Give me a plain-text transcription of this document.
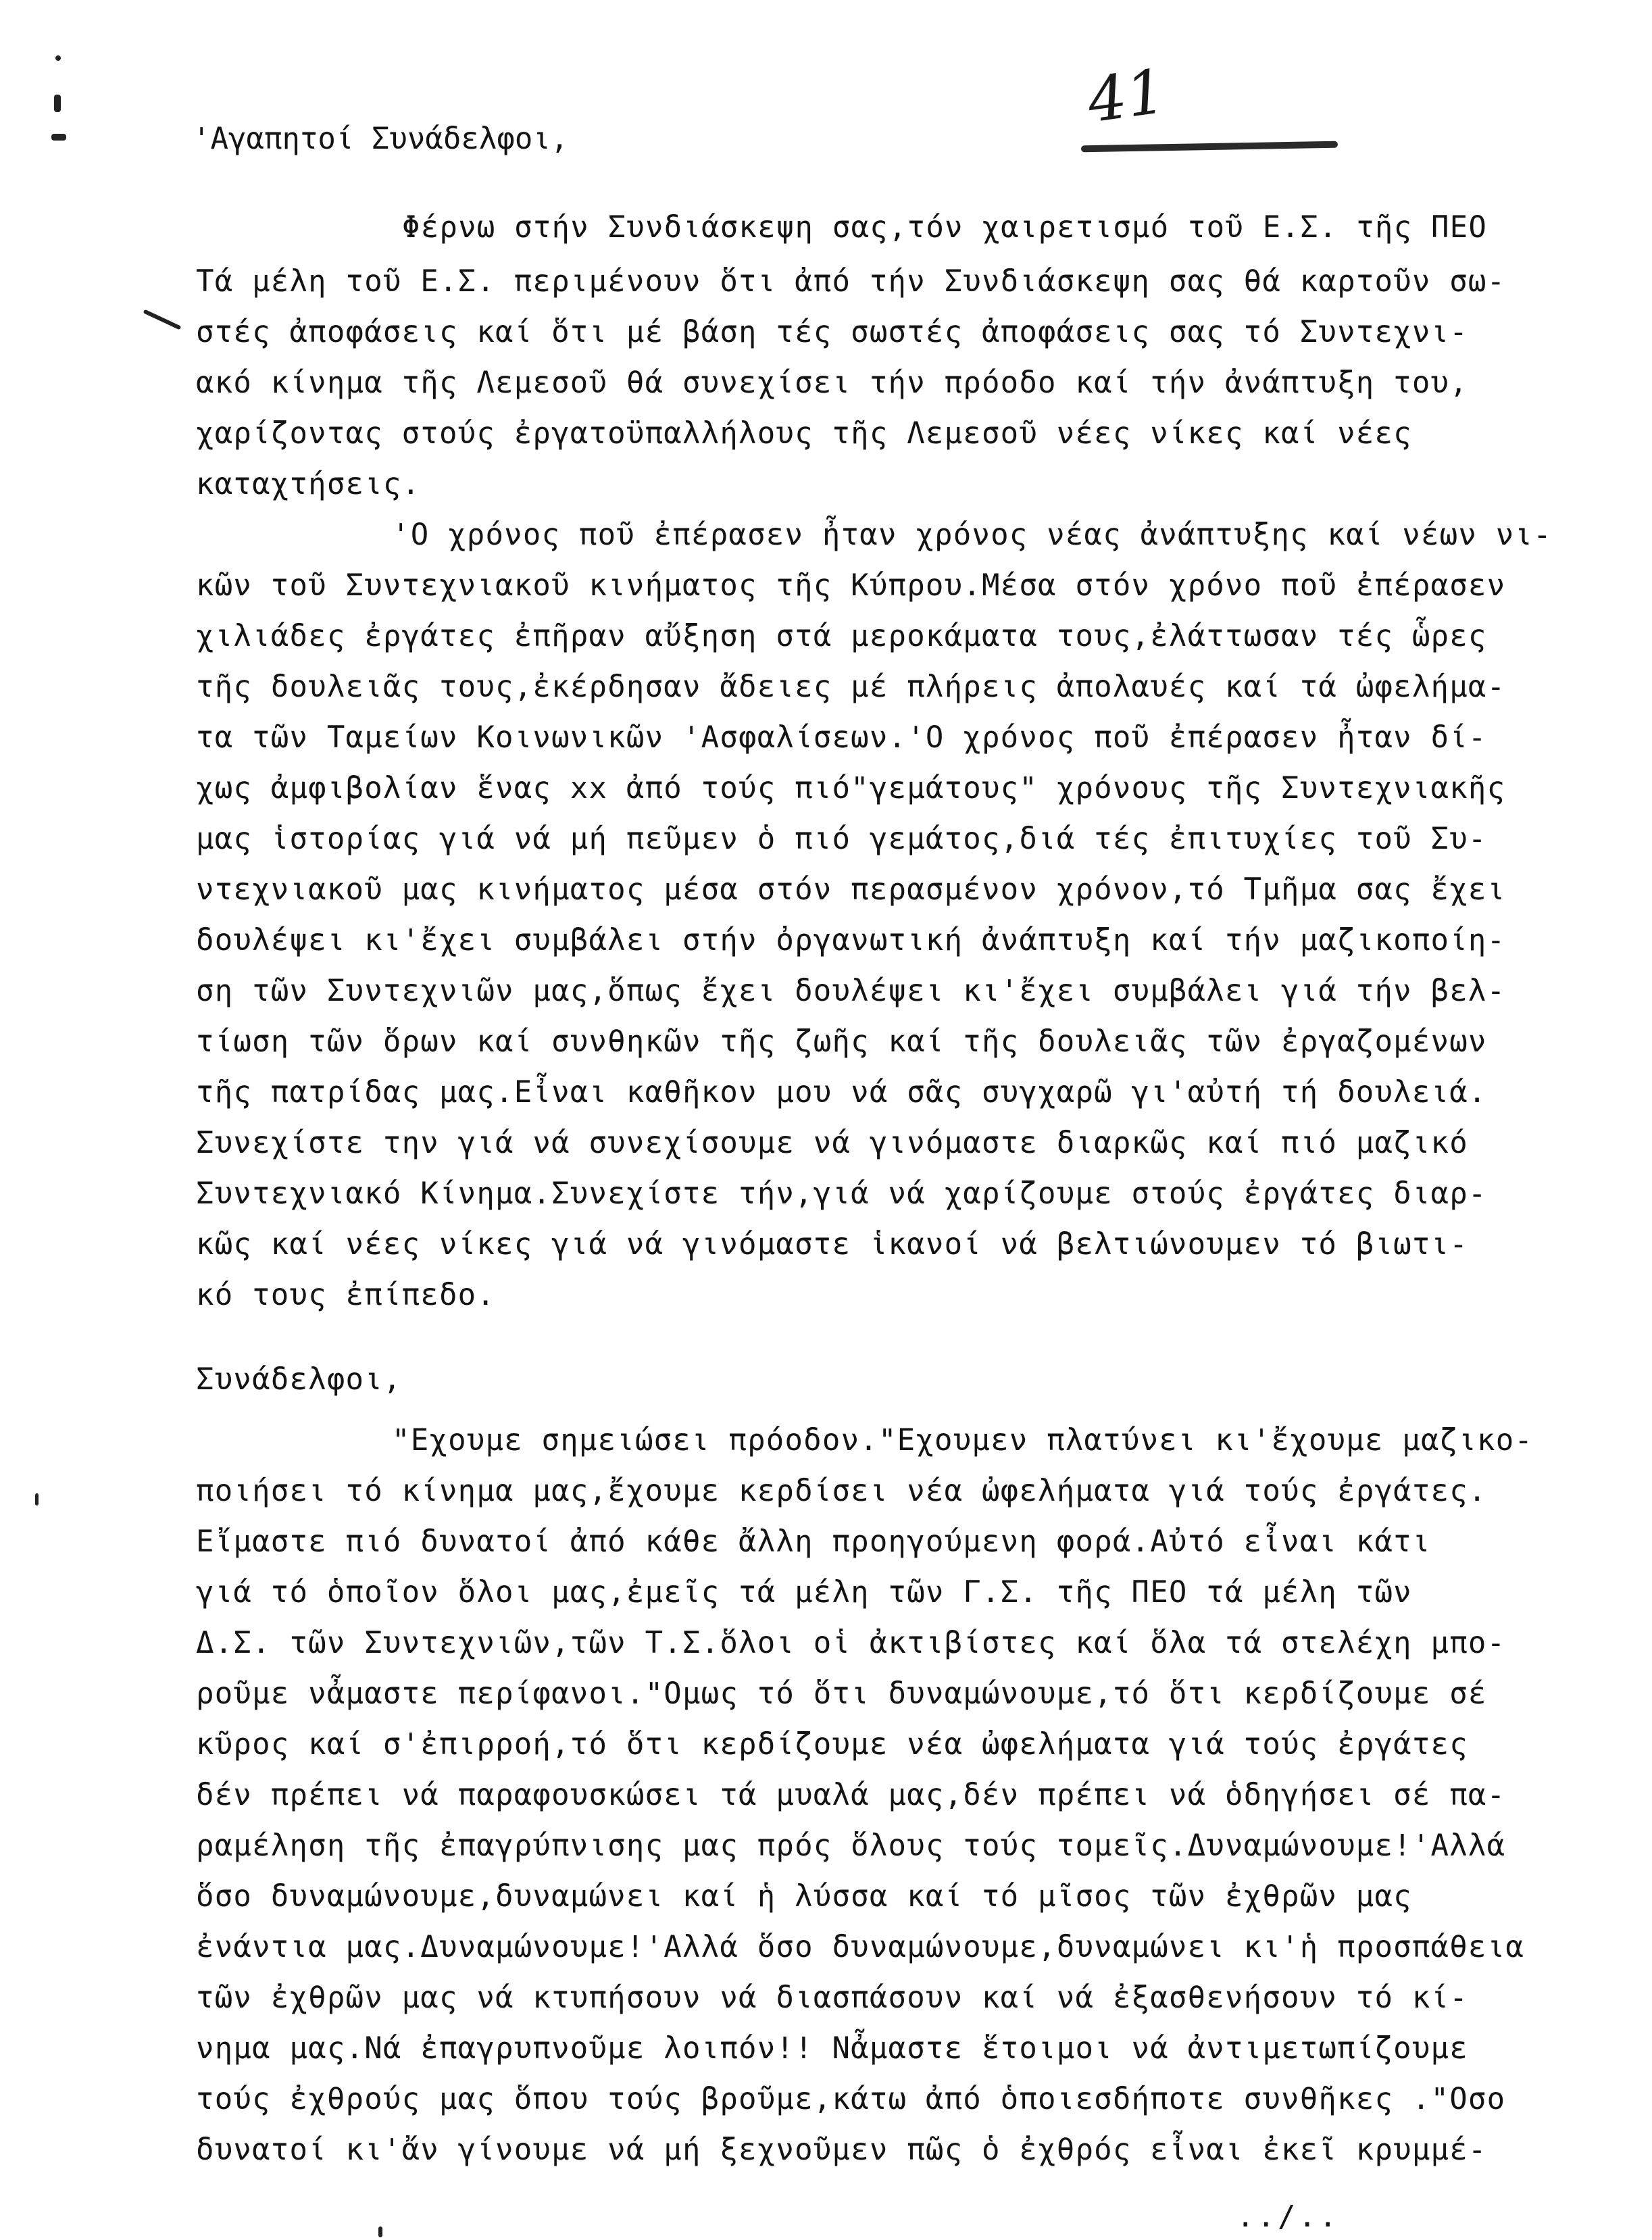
41
'Αγαπητοί Συνάδελφοι,
Φέρνω στήν Συνδιάσκεψη σας,τόν χαιρετισμό τοῦ Ε.Σ. τῆς ΠΕΟ
Τά μέλη τοῦ Ε.Σ. περιμένουν ὅτι ἀπό τήν Συνδιάσκεψη σας θά καρτοῦν σω-
στές ἀποφάσεις καί ὅτι μέ βάση τές σωστές ἀποφάσεις σας τό Συντεχνι-
ακό κίνημα τῆς Λεμεσοῦ θά συνεχίσει τήν πρόοδο καί τήν ἀνάπτυξη του,
χαρίζοντας στούς ἐργατοϋπαλλήλους τῆς Λεμεσοῦ νέες νίκες καί νέες
καταχτήσεις.
'Ο χρόνος ποῦ ἐπέρασεν ἦταν χρόνος νέας ἀνάπτυξης καί νέων νι-
κῶν τοῦ Συντεχνιακοῦ κινήματος τῆς Κύπρου.Μέσα στόν χρόνο ποῦ ἐπέρασεν
χιλιάδες ἐργάτες ἐπῆραν αὔξηση στά μεροκάματα τους,ἐλάττωσαν τές ὧρες
τῆς δουλειᾶς τους,ἐκέρδησαν ἄδειες μέ πλήρεις ἀπολαυές καί τά ὠφελήμα-
τα τῶν Ταμείων Κοινωνικῶν 'Ασφαλίσεων.'Ο χρόνος ποῦ ἐπέρασεν ἦταν δί-
χως ἀμφιβολίαν ἕνας xx ἀπό τούς πιό"γεμάτους" χρόνους τῆς Συντεχνιακῆς
μας ἱστορίας γιά νά μή πεῦμεν ὁ πιό γεμάτος,διά τές ἐπιτυχίες τοῦ Συ-
ντεχνιακοῦ μας κινήματος μέσα στόν περασμένον χρόνον,τό Τμῆμα σας ἔχει
δουλέψει κι'ἔχει συμβάλει στήν ὀργανωτική ἀνάπτυξη καί τήν μαζικοποίη-
ση τῶν Συντεχνιῶν μας,ὅπως ἔχει δουλέψει κι'ἔχει συμβάλει γιά τήν βελ-
τίωση τῶν ὅρων καί συνθηκῶν τῆς ζωῆς καί τῆς δουλειᾶς τῶν ἐργαζομένων
τῆς πατρίδας μας.Εἶναι καθῆκον μου νά σᾶς συγχαρῶ γι'αὐτή τή δουλειά.
Συνεχίστε την γιά νά συνεχίσουμε νά γινόμαστε διαρκῶς καί πιό μαζικό
Συντεχνιακό Κίνημα.Συνεχίστε τήν,γιά νά χαρίζουμε στούς ἐργάτες διαρ-
κῶς καί νέες νίκες γιά νά γινόμαστε ἱκανοί νά βελτιώνουμεν τό βιωτι-
κό τους ἐπίπεδο.
Συνάδελφοι,
"Εχουμε σημειώσει πρόοδον."Εχουμεν πλατύνει κι'ἔχουμε μαζικο-
ποιήσει τό κίνημα μας,ἔχουμε κερδίσει νέα ὠφελήματα γιά τούς ἐργάτες.
Εἴμαστε πιό δυνατοί ἀπό κάθε ἄλλη προηγούμενη φορά.Αὐτό εἶναι κάτι
γιά τό ὁποῖον ὅλοι μας,ἐμεῖς τά μέλη τῶν Γ.Σ. τῆς ΠΕΟ τά μέλη τῶν
Δ.Σ. τῶν Συντεχνιῶν,τῶν Τ.Σ.ὅλοι οἱ ἀκτιβίστες καί ὅλα τά στελέχη μπο-
ροῦμε νἆμαστε περίφανοι."Ομως τό ὅτι δυναμώνουμε,τό ὅτι κερδίζουμε σέ
κῦρος καί σ'ἐπιρροή,τό ὅτι κερδίζουμε νέα ὠφελήματα γιά τούς ἐργάτες
δέν πρέπει νά παραφουσκώσει τά μυαλά μας,δέν πρέπει νά ὁδηγήσει σέ πα-
ραμέληση τῆς ἐπαγρύπνισης μας πρός ὅλους τούς τομεῖς.Δυναμώνουμε!'Αλλά
ὅσο δυναμώνουμε,δυναμώνει καί ἡ λύσσα καί τό μῖσος τῶν ἐχθρῶν μας
ἐνάντια μας.Δυναμώνουμε!'Αλλά ὅσο δυναμώνουμε,δυναμώνει κι'ἡ προσπάθεια
τῶν ἐχθρῶν μας νά κτυπήσουν νά διασπάσουν καί νά ἐξασθενήσουν τό κί-
νημα μας.Νά ἐπαγρυπνοῦμε λοιπόν!! Νἆμαστε ἕτοιμοι νά ἀντιμετωπίζουμε
τούς ἐχθρούς μας ὅπου τούς βροῦμε,κάτω ἀπό ὁποιεσδήποτε συνθῆκες ."Οσο
δυνατοί κι'ἄν γίνουμε νά μή ξεχνοῦμεν πῶς ὁ ἐχθρός εἶναι ἐκεῖ κρυμμέ-
../..
